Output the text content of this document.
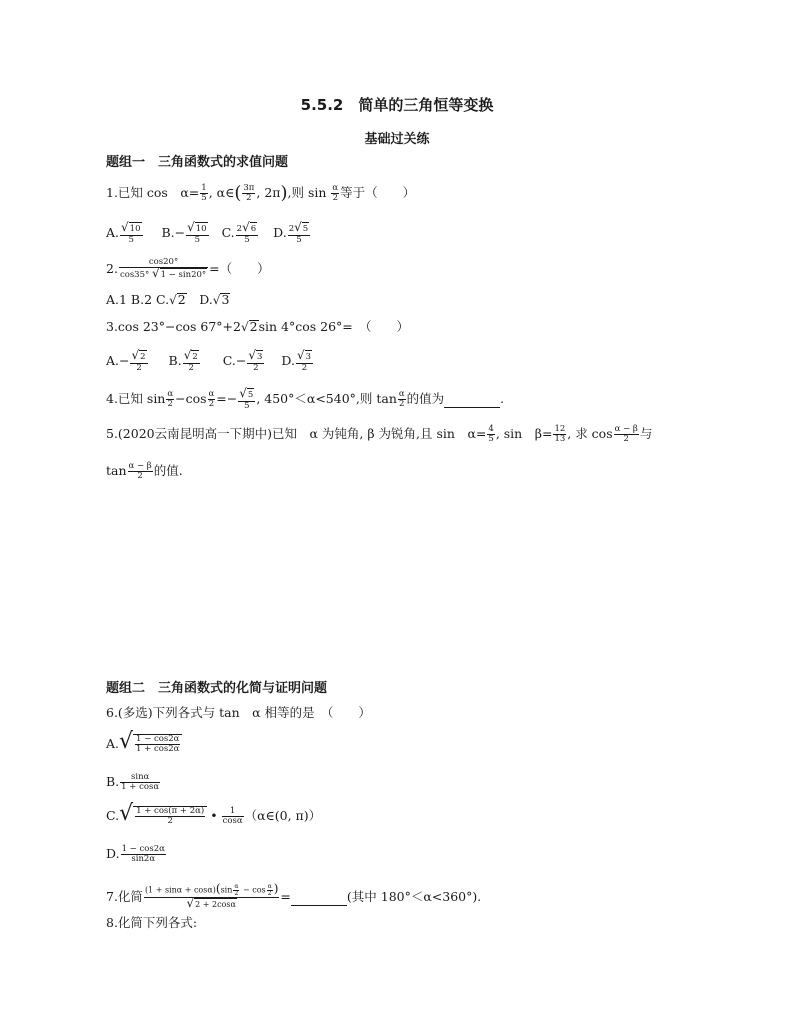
5.5.2　简单的三角恒等变换
基础过关练
题组一　三角函数式的求值问题
1.已知 cos　$\alpha= \frac{1}{5}$ , α∈( $\frac{3\pi}{2}$ , 2π),则 $\sin \frac{\alpha}{2}$ 等于（　　）
A. $\frac{√10}{5} B.- \frac{√10}{5} C$. $\frac{2√6}{5} D$. $\frac{2√5}{5}$
2. $\frac{\cos 20^\circ}{\cos 35^\circ √1 - \sin 20^\circ}$ =（　　）
A.1 B.2 C.√2　D.√3
3.cos 23°−cos 67°+2√2sin 4°cos 26°=　（　　）
$A.- \frac{√2}{2} B$. $\frac{√2}{2} C.- \frac{√3}{2} D$. $\frac{√3}{2}$
4.已知 $\sin \frac{\alpha}{2} -\cos \frac{\alpha}{2} =- \frac{√5}{5}$ , 450°＜α<540°,则 $\tan \frac{\alpha}{2}$ 的值为	.
5.(2020云南昆明高一下期中)已知　α 为钝角, β 为锐角,且 sin　$\alpha= \frac{4}{5}$ , sin　$\beta= \frac{12}{13}$ , 求 $\cos \frac{\alpha - \beta}{2}$ 与
$\tan \frac{\alpha - \beta}{2}$ 的值.
题组二　三角函数式的化简与证明问题
6.(多选)下列各式与 tan　α 相等的是　（　　）
$A.√ \frac{1 - \cos 2\alpha}{1 + \cos 2\alpha}$
B. $\frac{\sin\alpha}{1 + \cos\alpha}$
$C.√ \frac{1 + \cos(\pi + 2\alpha)}{2}$ • $\frac{1}{\cos\alpha}$ （α∈(0, π)）
D. $\frac{1 - \cos 2\alpha}{\sin 2\alpha}$
7.化简 $\frac{(1 + \sin\alpha + \cos\alpha)(\sin \frac{\alpha}{2} - \cos \frac{\alpha}{2} )}{√2 + 2\cos\alpha}$ =	(其中 180°＜α<360°).
8.化简下列各式:
